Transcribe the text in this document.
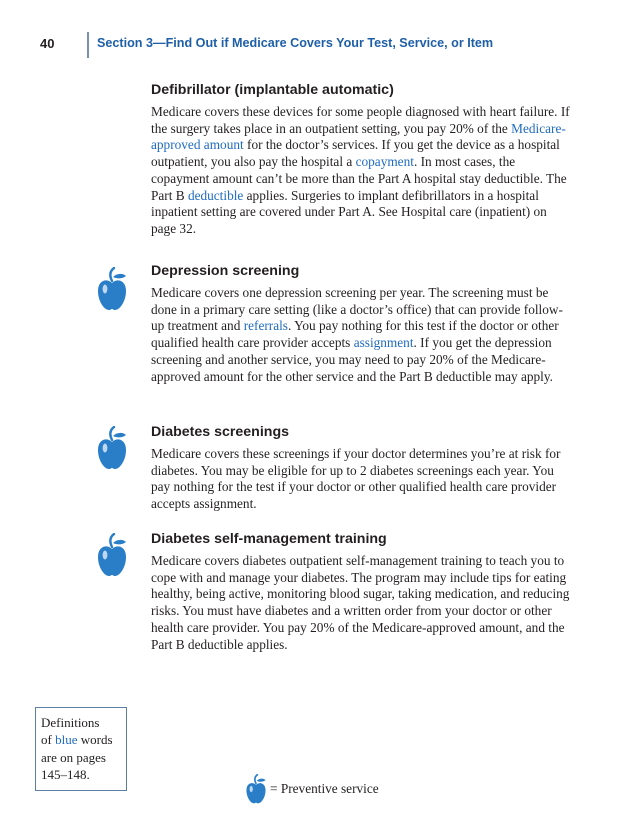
40	Section 3—Find Out if Medicare Covers Your Test, Service, or Item
Defibrillator (implantable automatic)

Medicare covers these devices for some people diagnosed with heart failure. If the surgery takes place in an outpatient setting, you pay 20% of the Medicare-approved amount for the doctor’s services. If you get the device as a hospital outpatient, you also pay the hospital a copayment. In most cases, the copayment amount can’t be more than the Part A hospital stay deductible. The Part B deductible applies. Surgeries to implant defibrillators in a hospital inpatient setting are covered under Part A. See Hospital care (inpatient) on page 32.

Depression screening

Medicare covers one depression screening per year. The screening must be done in a primary care setting (like a doctor’s office) that can provide follow-up treatment and referrals. You pay nothing for this test if the doctor or other qualified health care provider accepts assignment. If you get the depression screening and another service, you may need to pay 20% of the Medicare-approved amount for the other service and the Part B deductible may apply.

Diabetes screenings

Medicare covers these screenings if your doctor determines you’re at risk for diabetes. You may be eligible for up to 2 diabetes screenings each year. You pay nothing for the test if your doctor or other qualified health care provider accepts assignment.

Diabetes self-management training

Medicare covers diabetes outpatient self-management training to teach you to cope with and manage your diabetes. The program may include tips for eating healthy, being active, monitoring blood sugar, taking medication, and reducing risks. You must have diabetes and a written order from your doctor or other health care provider. You pay 20% of the Medicare-approved amount, and the Part B deductible applies.

Definitions
of blue words
are on pages
145–148.

= Preventive service
